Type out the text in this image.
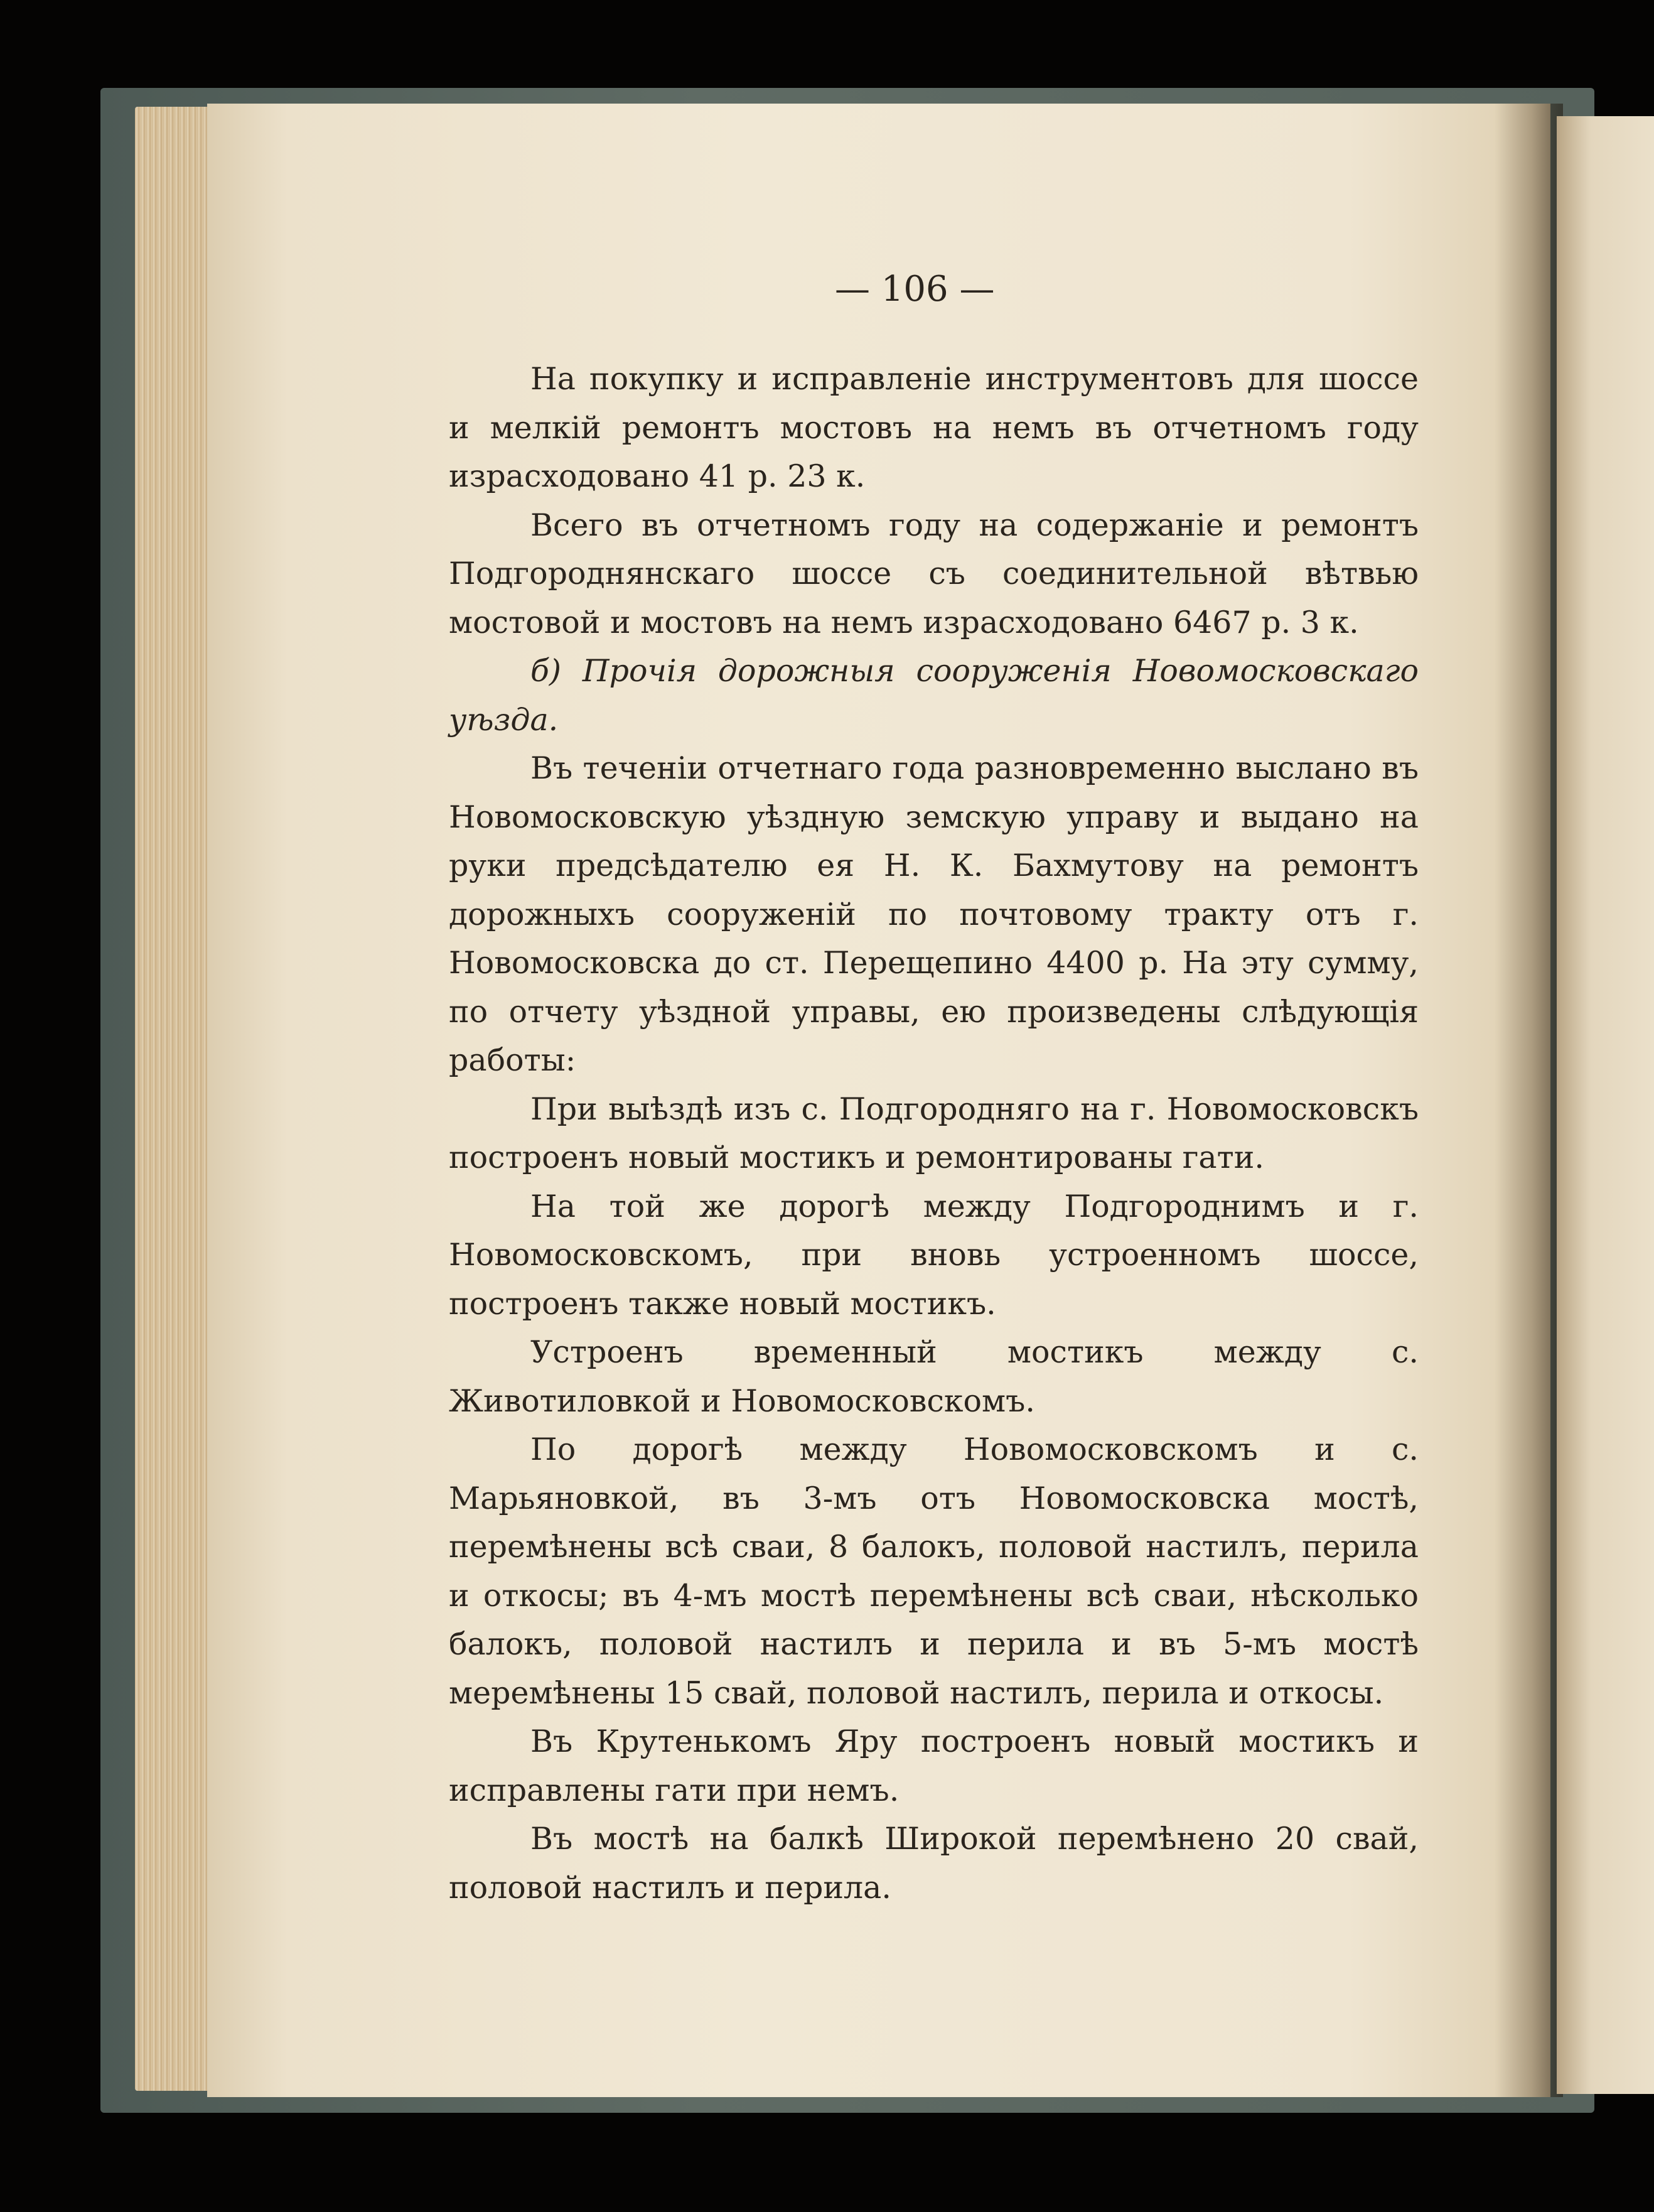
— 106 —

На покупку и исправленіе инструментовъ для шоссе и мелкій ремонтъ мостовъ на немъ въ отчетномъ году израсходовано 41 р. 23 к.

Всего въ отчетномъ году на содержаніе и ремонтъ Подгороднянскаго шоссе съ соединительной вѣтвью мостовой и мостовъ на немъ израсходовано 6467 р. 3 к.

б) Прочія дорожныя сооруженія Новомосковскаго уѣзда.

Въ теченіи отчетнаго года разновременно выслано въ Новомосковскую уѣздную земскую управу и выдано на руки предсѣдателю ея Н. К. Бахмутову на ремонтъ дорожныхъ сооруженій по почтовому тракту отъ г. Новомосковска до ст. Перещепино 4400 р. На эту сумму, по отчету уѣздной управы, ею произведены слѣдующія работы:

При выѣздѣ изъ с. Подгородняго на г. Новомосковскъ построенъ новый мостикъ и ремонтированы гати.

На той же дорогѣ между Подгороднимъ и г. Новомосковскомъ, при вновь устроенномъ шоссе, построенъ также новый мостикъ.

Устроенъ временный мостикъ между с. Животиловкой и Новомосковскомъ.

По дорогѣ между Новомосковскомъ и с. Марьяновкой, въ 3-мъ отъ Новомосковска мостѣ, перемѣнены всѣ сваи, 8 балокъ, половой настилъ, перила и откосы; въ 4-мъ мостѣ перемѣнены всѣ сваи, нѣсколько балокъ, половой настилъ и перила и въ 5-мъ мостѣ меремѣнены 15 свай, половой настилъ, перила и откосы.

Въ Крутенькомъ Яру построенъ новый мостикъ и исправлены гати при немъ.

Въ мостѣ на балкѣ Широкой перемѣнено 20 свай, половой настилъ и перила.
